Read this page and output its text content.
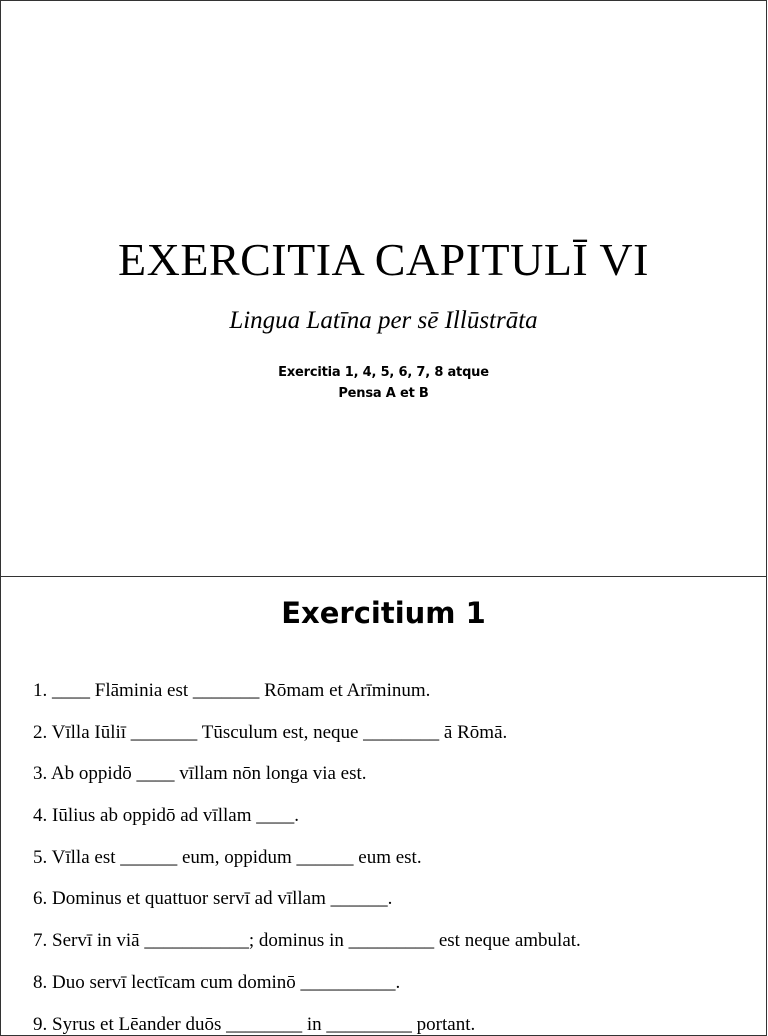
EXERCITIA CAPITULĪ VI
Lingua Latīna per sē Illūstrāta
Exercitia 1, 4, 5, 6, 7, 8 atque
Pensa A et B
Exercitium 1
1. ____ Flāminia est _______ Rōmam et Arīminum.
2. Vīlla Iūliī _______ Tūsculum est, neque ________ ā Rōmā.
3. Ab oppidō ____ vīllam nōn longa via est.
4. Iūlius ab oppidō ad vīllam ____.
5. Vīlla est ______ eum, oppidum ______ eum est.
6. Dominus et quattuor servī ad vīllam ______.
7. Servī in viā ___________; dominus in _________ est neque ambulat.
8. Duo servī lectīcam cum dominō __________.
9. Syrus et Lēander duōs ________ in _________ portant.
